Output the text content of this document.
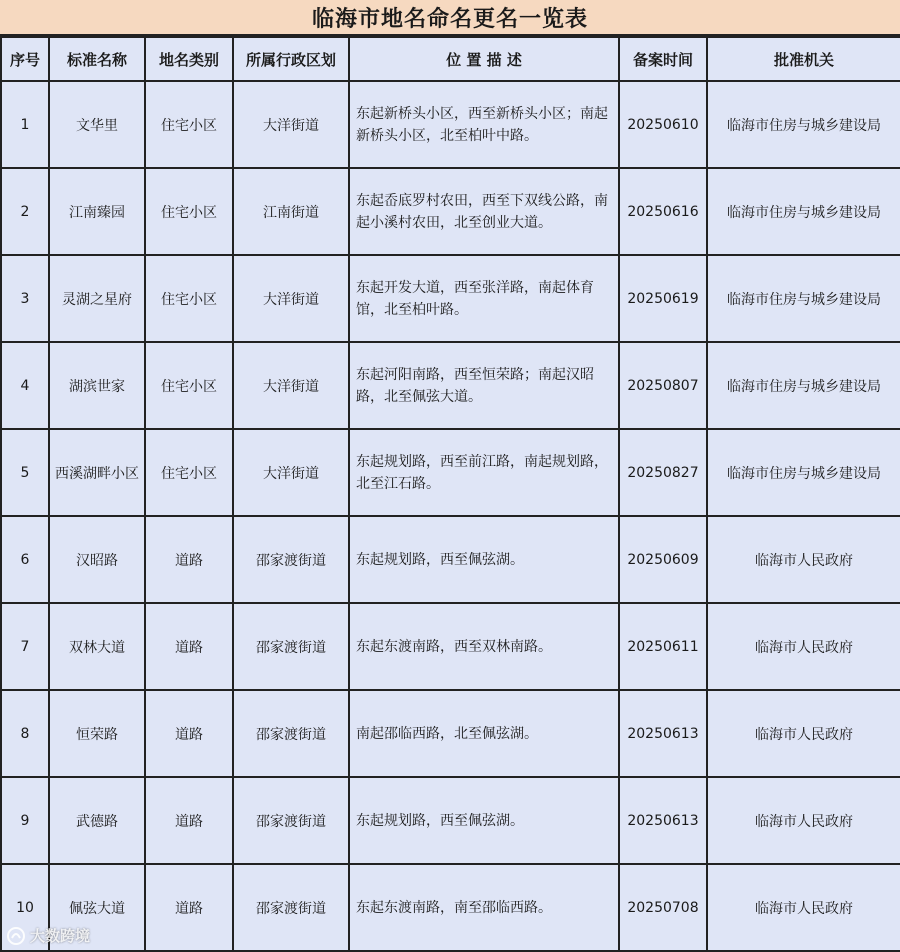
临海市地名命名更名一览表
序号	标准名称	地名类别	所属行政区划	位 置 描 述	备案时间	批准机关
1	文华里	住宅小区	大洋街道	东起新桥头小区，西至新桥头小区；南起新桥头小区，北至柏叶中路。	20250610	临海市住房与城乡建设局
2	江南臻园	住宅小区	江南街道	东起岙底罗村农田，西至下双线公路，南起小溪村农田，北至创业大道。	20250616	临海市住房与城乡建设局
3	灵湖之星府	住宅小区	大洋街道	东起开发大道，西至张洋路，南起体育馆，北至柏叶路。	20250619	临海市住房与城乡建设局
4	湖滨世家	住宅小区	大洋街道	东起河阳南路，西至恒荣路；南起汉昭路，北至佩弦大道。	20250807	临海市住房与城乡建设局
5	西溪湖畔小区	住宅小区	大洋街道	东起规划路，西至前江路，南起规划路，北至江石路。	20250827	临海市住房与城乡建设局
6	汉昭路	道路	邵家渡街道	东起规划路，西至佩弦湖。	20250609	临海市人民政府
7	双林大道	道路	邵家渡街道	东起东渡南路，西至双林南路。	20250611	临海市人民政府
8	恒荣路	道路	邵家渡街道	南起邵临西路，北至佩弦湖。	20250613	临海市人民政府
9	武德路	道路	邵家渡街道	东起规划路，西至佩弦湖。	20250613	临海市人民政府
10	佩弦大道	道路	邵家渡街道	东起东渡南路，南至邵临西路。	20250708	临海市人民政府
大数跨境
